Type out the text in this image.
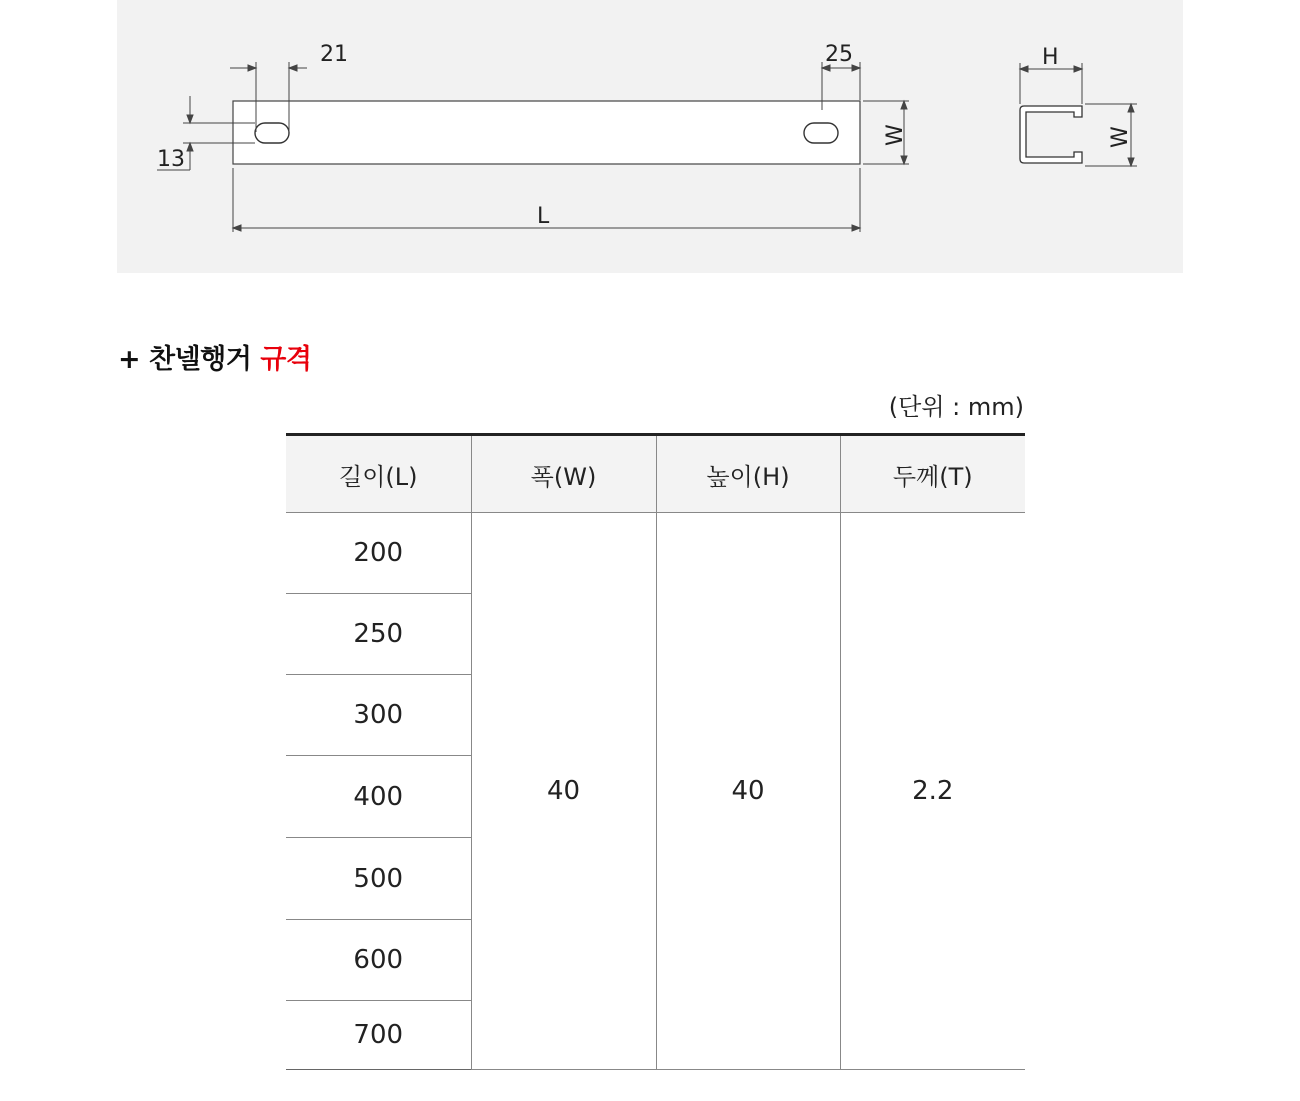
21	25
13
L
W
H
W
+ 찬넬행거 규격
(단위 : mm)
길이(L)	폭(W)	높이(H)	두께(T)
200	40	40	2.2
250			
300			
400			
500			
600			
700			
